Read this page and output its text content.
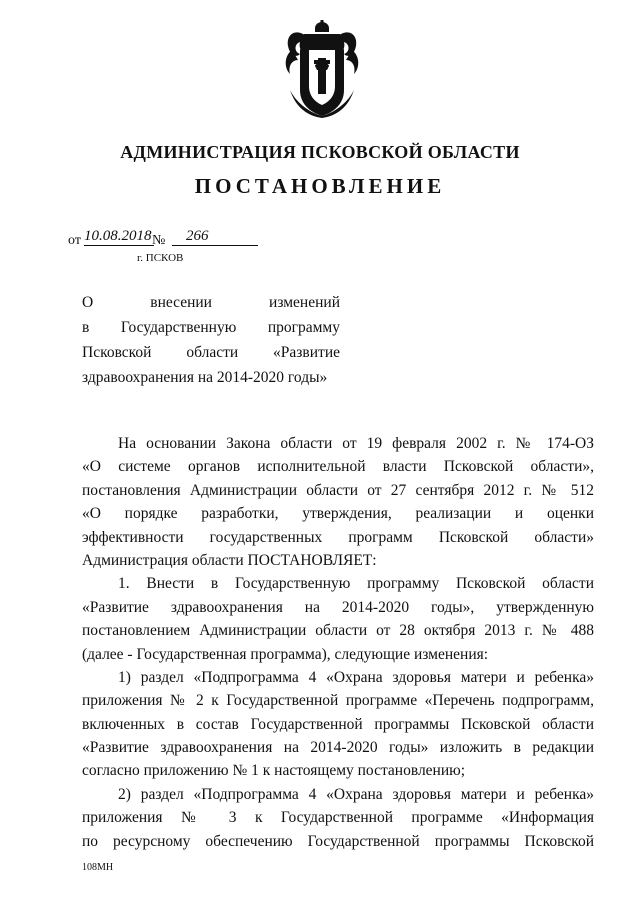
АДМИНИСТРАЦИЯ ПСКОВСКОЙ ОБЛАСТИ
ПОСТАНОВЛЕНИЕ
от 10.08.2018 №	266
г. ПСКОВ
О внесении изменений
в Государственную программу
Псковской области «Развитие
здравоохранения на 2014-2020 годы»
На основании Закона области от 19 февраля 2002 г. № 174-ОЗ
«О системе органов исполнительной власти Псковской области»,
постановления Администрации области от 27 сентября 2012 г. № 512
«О порядке разработки, утверждения, реализации и оценки
эффективности государственных программ Псковской области»
Администрация области ПОСТАНОВЛЯЕТ:
1. Внести в Государственную программу Псковской области
«Развитие здравоохранения на 2014-2020 годы», утвержденную
постановлением Администрации области от 28 октября 2013 г. № 488
(далее - Государственная программа), следующие изменения:
1) раздел «Подпрограмма 4 «Охрана здоровья матери и ребенка»
приложения № 2 к Государственной программе «Перечень подпрограмм,
включенных в состав Государственной программы Псковской области
«Развитие здравоохранения на 2014-2020 годы» изложить в редакции
согласно приложению № 1 к настоящему постановлению;
2) раздел «Подпрограмма 4 «Охрана здоровья матери и ребенка»
приложения № 3 к Государственной программе «Информация
по ресурсному обеспечению Государственной программы Псковской
108МН
